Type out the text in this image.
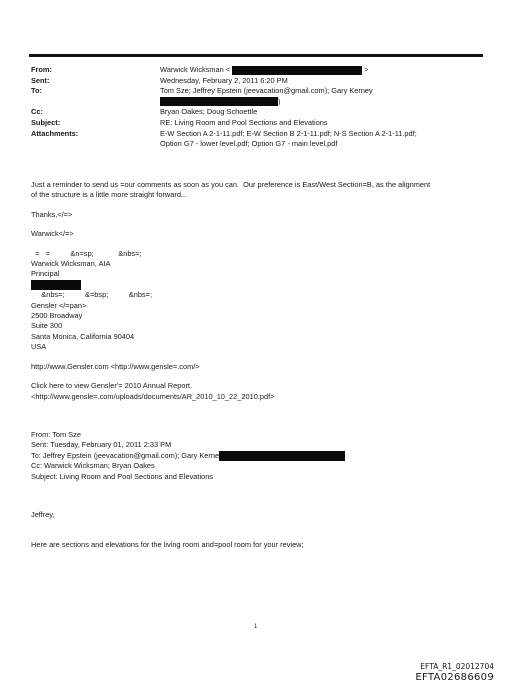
From:	Warwick Wicksman <	>
Sent:	Wednesday, February 2, 2011 6:20 PM
To:	Tom Sze; Jeffrey Epstein (jeevacation@gmail.com); Gary Kerney
)
Cc:	Bryan Oakes; Doug Schoettle
Subject:	RE: Living Room and Pool Sections and Elevations
Attachments:	E-W Section A 2-1-11.pdf; E-W Section B 2-1-11.pdf; N-S Section A 2-1-11.pdf;
Option G7 - lower level.pdf; Option G7 - main level.pdf

Just a reminder to send us =our comments as soon as you can.  Our preference is East/West Section=B, as the alignment

of the structure is a little more straight forward...

Thanks,</=>

Warwick</=>

=   =          &n=sp;            &nbs=;

Warwick Wicksman, AIA

Principal

&nbs=;          &=bsp;          &nbs=;

Gensler </=pan>

2500 Broadway

Suite 300

Santa Monica, California 90404

USA

http://www.Gensler.com <http://www.gensle=.com/>

Click here to view Gensler'= 2010 Annual Report.

<http://www.gensle=.com/uploads/documents/AR_2010_10_22_2010.pdf>

From: Tom Sze

Sent: Tuesday, February 01, 2011 2:33 PM

To: Jeffrey Epstein (jeevacation@gmail.com); Gary Kerne

Cc: Warwick Wicksman; Bryan Oakes

Subject: Living Room and Pool Sections and Elevations

Jeffrey,

Here are sections and elevations for the living room and=pool room for your review;

1
EFTA_R1_02012704
EFTA02686609
